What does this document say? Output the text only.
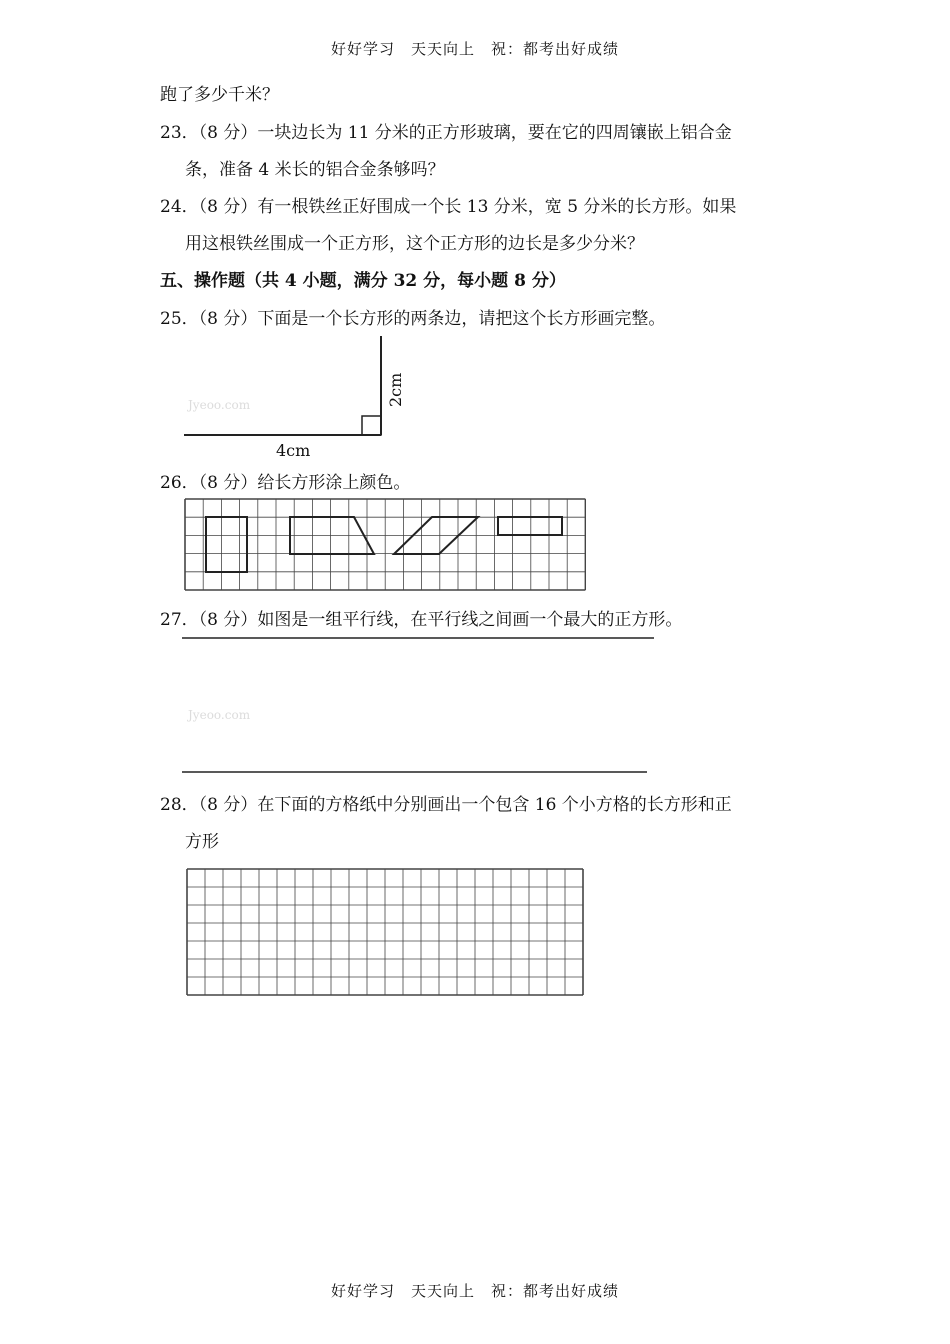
好好学习　天天向上　祝：都考出好成绩
跑了多少千米？
23．（8 分）一块边长为 11 分米的正方形玻璃，要在它的四周镶嵌上铝合金
条，准备 4 米长的铝合金条够吗？
24．（8 分）有一根铁丝正好围成一个长 13 分米，宽 5 分米的长方形。如果
用这根铁丝围成一个正方形，这个正方形的边长是多少分米？
五、操作题（共 4 小题，满分 32 分，每小题 8 分）
25．（8 分）下面是一个长方形的两条边，请把这个长方形画完整。
Jyeoo.com
4cm
2cm
26．（8 分）给长方形涂上颜色。
27．（8 分）如图是一组平行线，在平行线之间画一个最大的正方形。
Jyeoo.com
28．（8 分）在下面的方格纸中分别画出一个包含 16 个小方格的长方形和正
方形
好好学习　天天向上　祝：都考出好成绩
